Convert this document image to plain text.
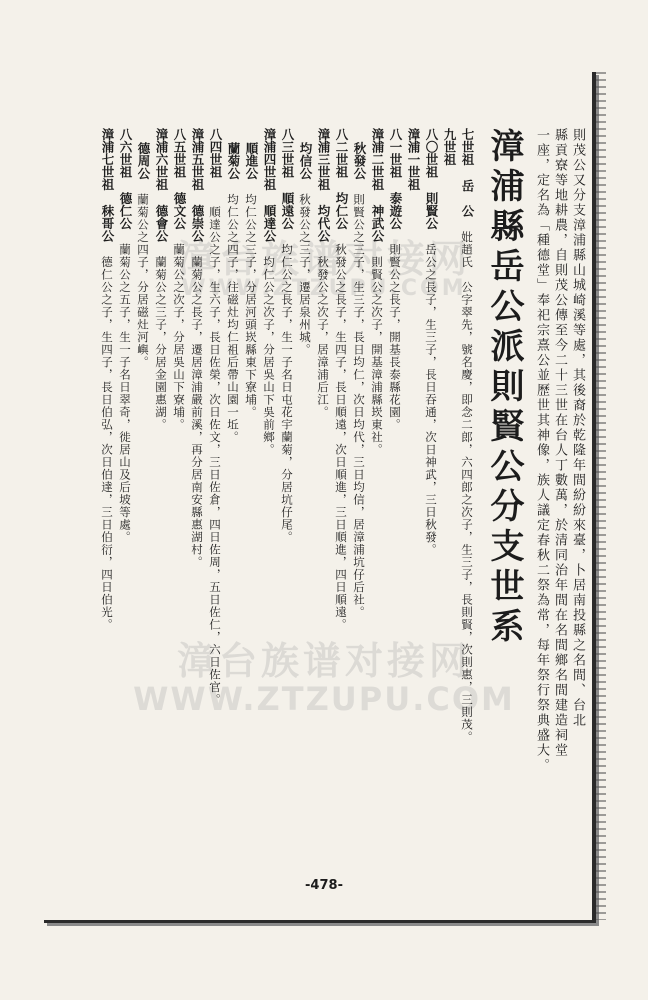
漳台族谱对接网
WWW.ZTZUPU.COM
漳台族谱对接网
WWW.ZTZUPU.COM	則茂公又分支漳浦縣山城崎溪等處，其後裔於乾隆年間紛紛來臺，卜居南投縣之名間、台北
縣貢寮等地耕農，自則茂公傳至今二十三世在台人丁數萬，於清同治年間在名間鄉名間建造祠堂
一座，定名為「種德堂」奉祀宗熹公並歷世其神像，族人議定春秋二祭為常，每年祭行祭典盛大。
漳浦縣岳公派則賢公分支世系
七世祖岳　公妣趙氏　公字翠先，號名慶，即念二郎，六四郎之次子，生三子，長則賢，次則惠，三則茂。
九世祖
八〇世祖則賢公岳公之長子，生三子，長日吞通，次日神武，三日秋發。
漳浦一世祖
八一世祖泰遊公則賢公之長子，開基長泰縣花園。
漳浦二世祖神武公則賢公之次子，開基漳浦縣崁東社。
秋發公則賢公之三子，生三子，長日均仁，次日均代，三日均信，居漳浦坑仔后社。
八二世祖均仁公秋發公之長子，生四子，長日順遠，次日順進，三日順進，四日順遠。
漳浦三世祖均代公秋發公之次子，居漳浦后江。
均信公秋發公之三子，遷居泉州城。
八三世祖順遠公均仁公之長子，生一子名日屯花宇蘭菊，分居坑仔尾。
漳浦四世祖順達公均仁公之次子，分居吳山下吳前鄉。
順進公均仁公之三子，分居河頭崁縣東下寮埔。
蘭菊公均仁公之四子，往磁灶均仁祖后帶山園一坵。
八四世祖順達公之子，生六子，長日佐榮，次日佐文，三日佐倉，四日佐周，五日佐仁，六日佐官。
漳浦五世祖德崇公蘭菊公之長子，遷居漳浦嚴前溪，再分居南安縣惠湖村。
八五世祖德文公蘭菊公之次子，分居吳山下寮埔。
漳浦六世祖德會公蘭菊公之三子，分居金園惠湖。
德周公蘭菊公之四子，分居磁灶河嶼。
八六世祖德仁公蘭菊公之五子，生一子名日翠奇，徙居山及后坡等處。
漳浦七世祖秣哥公德仁公之子，生四子，長日伯弘，次日伯達，三日伯衍，四日伯光。
-478-
